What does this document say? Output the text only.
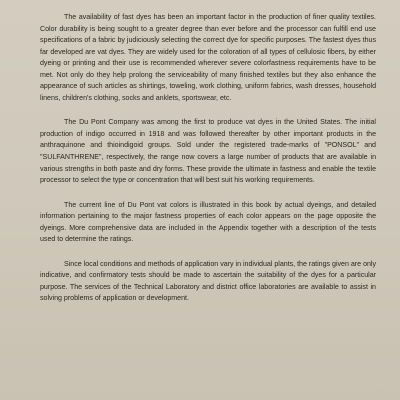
The availability of fast dyes has been an important factor in the production of finer quality textiles. Color durability is being sought to a greater degree than ever before and the processor can fulfill end use specifications of a fabric by judiciously selecting the correct dye for specific purposes. The fastest dyes thus far developed are vat dyes. They are widely used for the coloration of all types of cellulosic fibers, by either dyeing or printing and their use is recommended wherever severe colorfastness requirements have to be met. Not only do they help prolong the serviceability of many finished textiles but they also enhance the appearance of such articles as shirtings, toweling, work clothing, uniform fabrics, wash dresses, household linens, children's clothing, socks and anklets, sportswear, etc.

The Du Pont Company was among the first to produce vat dyes in the United States. The initial production of indigo occurred in 1918 and was followed thereafter by other important products in the anthraquinone and thioindigoid groups. Sold under the registered trade-marks of "PONSOL" and "SULFANTHRENE", respectively, the range now covers a large number of products that are available in various strengths in both paste and dry forms. These provide the ultimate in fastness and enable the textile processor to select the type or concentration that will best suit his working requirements.

The current line of Du Pont vat colors is illustrated in this book by actual dyeings, and detailed information pertaining to the major fastness properties of each color appears on the page opposite the dyeings. More comprehensive data are included in the Appendix together with a description of the tests used to determine the ratings.

Since local conditions and methods of application vary in individual plants, the ratings given are only indicative, and confirmatory tests should be made to ascertain the suitability of the dyes for a particular purpose. The services of the Technical Laboratory and district office laboratories are available to assist in solving problems of application or development.
